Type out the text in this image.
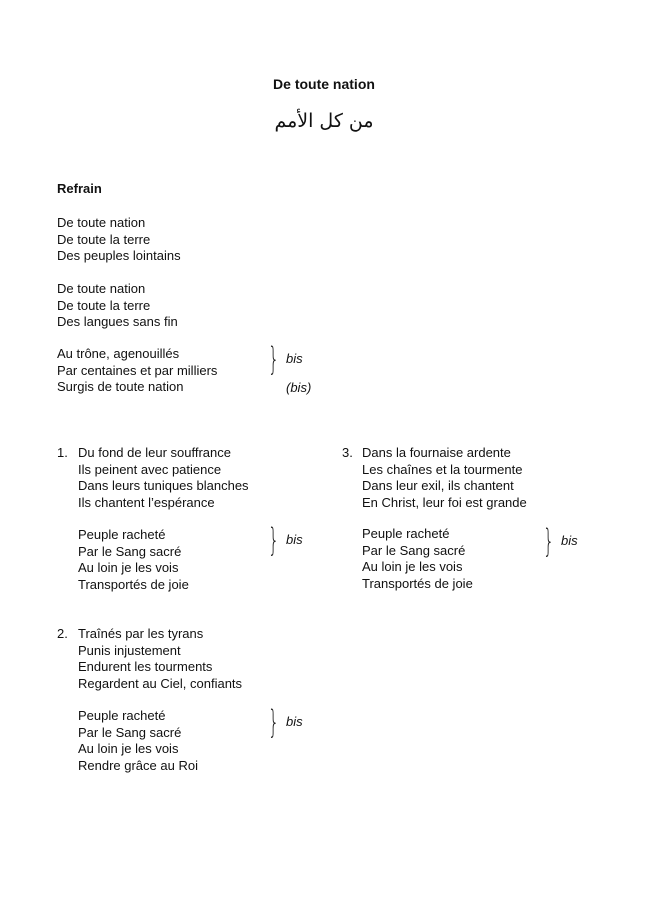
De toute nation
من كل الأمم
Refrain
De toute nation
De toute la terre
Des peuples lointains
De toute nation
De toute la terre
Des langues sans fin
Au trône, agenouillés
Par centaines et par milliers
Surgis de toute nation
} bis
(bis)
1. Du fond de leur souffrance
Ils peinent avec patience
Dans leurs tuniques blanches
Ils chantent l’espérance
Peuple racheté
Par le Sang sacré
Au loin je les vois
Transportés de joie
} bis
2. Traînés par les tyrans
Punis injustement
Endurent les tourments
Regardent au Ciel, confiants
Peuple racheté
Par le Sang sacré
Au loin je les vois
Rendre grâce au Roi
} bis
3. Dans la fournaise ardente
Les chaînes et la tourmente
Dans leur exil, ils chantent
En Christ, leur foi est grande
Peuple racheté
Par le Sang sacré
Au loin je les vois
Transportés de joie
} bis
